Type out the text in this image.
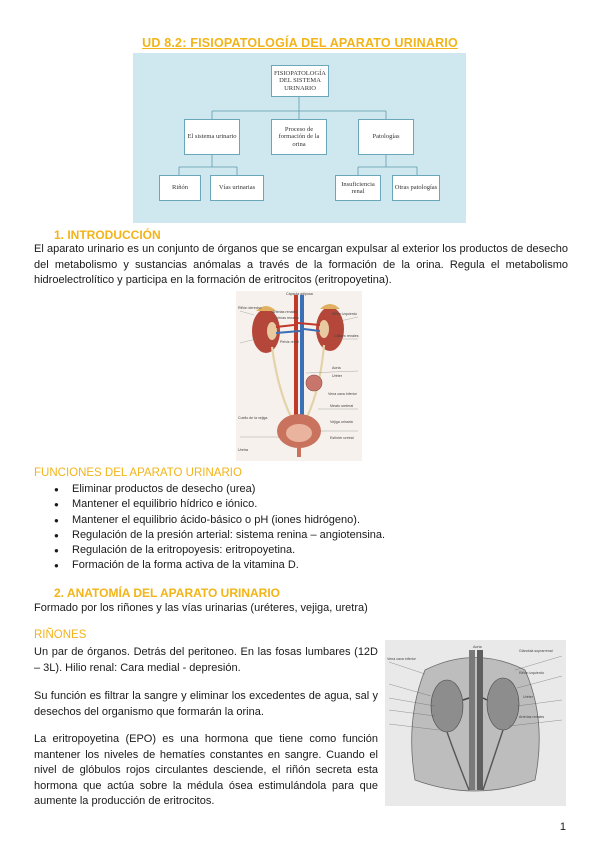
UD 8.2: FISIOPATOLOGÍA DEL APARATO URINARIO
FISIOPATOLOGÍA DEL SISTEMA URINARIO
El sistema urinario
Proceso de formación de la orina
Patologías
Riñón	Vías urinarias
Insuficiencia renal
Otras patologías
1. INTRODUCCIÓN
El aparato urinario es un conjunto de órganos que se encargan expulsar al exterior los productos de desecho del metabolismo y sustancias anómalas a través de la formación de la orina. Regula el metabolismo hidroelectrolítico y participa en la formación de eritrocitos (eritropoyetina).
Cápsula adiposa
Riñón derecho
Venas renales
Riñón izquierdo
Arterias renales
Cálices renales
Pelvis renal
Aorta
Uréter
Vena cava inferior
Meato ureteral
Cuello de la vejiga
Vejiga urinaria
Esfínter uretral
Uretra
FUNCIONES DEL APARATO URINARIO
● Eliminar productos de desecho (urea)
● Mantener el equilibrio hídrico e iónico.
● Mantener el equilibrio ácido-básico o pH (iones hidrógeno).
● Regulación de la presión arterial: sistema renina – angiotensina.
● Regulación de la eritropoyesis: eritropoyetina.
● Formación de la forma activa de la vitamina D.
2. ANATOMÍA DEL APARATO URINARIO
Formado por los riñones y las vías urinarias (uréteres, vejiga, uretra)
RIÑONES
Un par de órganos. Detrás del peritoneo. En las fosas lumbares (12D – 3L). Hilio renal: Cara medial - depresión.
Su función es filtrar la sangre y eliminar los excedentes de agua, sal y desechos del organismo que formarán la orina.
La eritropoyetina (EPO) es una hormona que tiene como función mantener los niveles de hematíes constantes en sangre. Cuando el nivel de glóbulos rojos circulantes desciende, el riñón secreta esta hormona que actúa sobre la médula ósea estimulándola para que aumente la producción de eritrocitos.
Vena cava inferior
Glándula suprarrenal
Riñón izquierdo
Aorta
Uréter
Arterias renales
1
